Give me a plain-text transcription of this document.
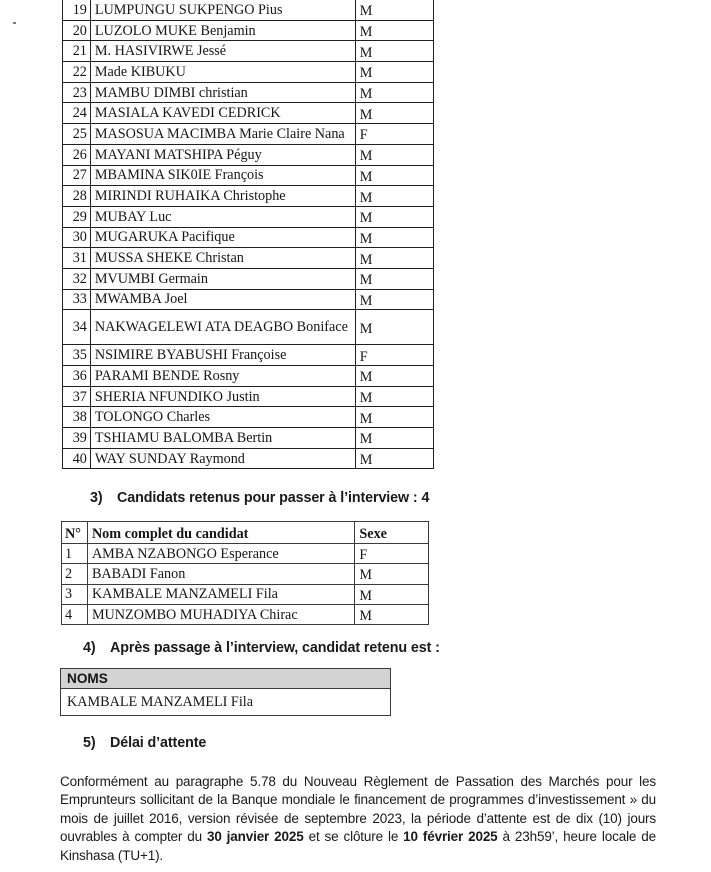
19	LUMPUNGU SUKPENGO Pius	M
20	LUZOLO MUKE Benjamin	M
21	M. HASIVIRWE Jessé	M
22	Made KIBUKU	M
23	MAMBU DIMBI christian	M
24	MASIALA KAVEDI CEDRICK	M
25	MASOSUA MACIMBA Marie Claire Nana	F
26	MAYANI MATSHIPA Péguy	M
27	MBAMINA SIK0IE François	M
28	MIRINDI RUHAIKA Christophe	M
29	MUBAY Luc	M
30	MUGARUKA Pacifique	M
31	MUSSA SHEKE Christan	M
32	MVUMBI Germain	M
33	MWAMBA Joel	M
34	NAKWAGELEWI ATA DEAGBO Boniface	M
35	NSIMIRE BYABUSHI Françoise	F
36	PARAMI BENDE Rosny	M
37	SHERIA NFUNDIKO Justin	M
38	TOLONGO Charles	M
39	TSHIAMU BALOMBA Bertin	M
40	WAY SUNDAY Raymond	M
3) Candidats retenus pour passer à l’interview : 4
N°	Nom complet du candidat	Sexe
1	AMBA NZABONGO Esperance	F
2	BABADI Fanon	M
3	KAMBALE MANZAMELI Fila	M
4	MUNZOMBO MUHADIYA Chirac	M
4) Après passage à l’interview, candidat retenu est :
NOMS
KAMBALE MANZAMELI Fila
5) Délai d’attente

Conformément au paragraphe 5.78 du Nouveau Règlement de Passation des Marchés pour les Emprunteurs sollicitant de la Banque mondiale le financement de programmes d’investissement » du mois de juillet 2016, version révisée de septembre 2023, la période d’attente est de dix (10) jours ouvrables à compter du 30 janvier 2025 et se clôture le 10 février 2025 à 23h59’, heure locale de Kinshasa (TU+1).
